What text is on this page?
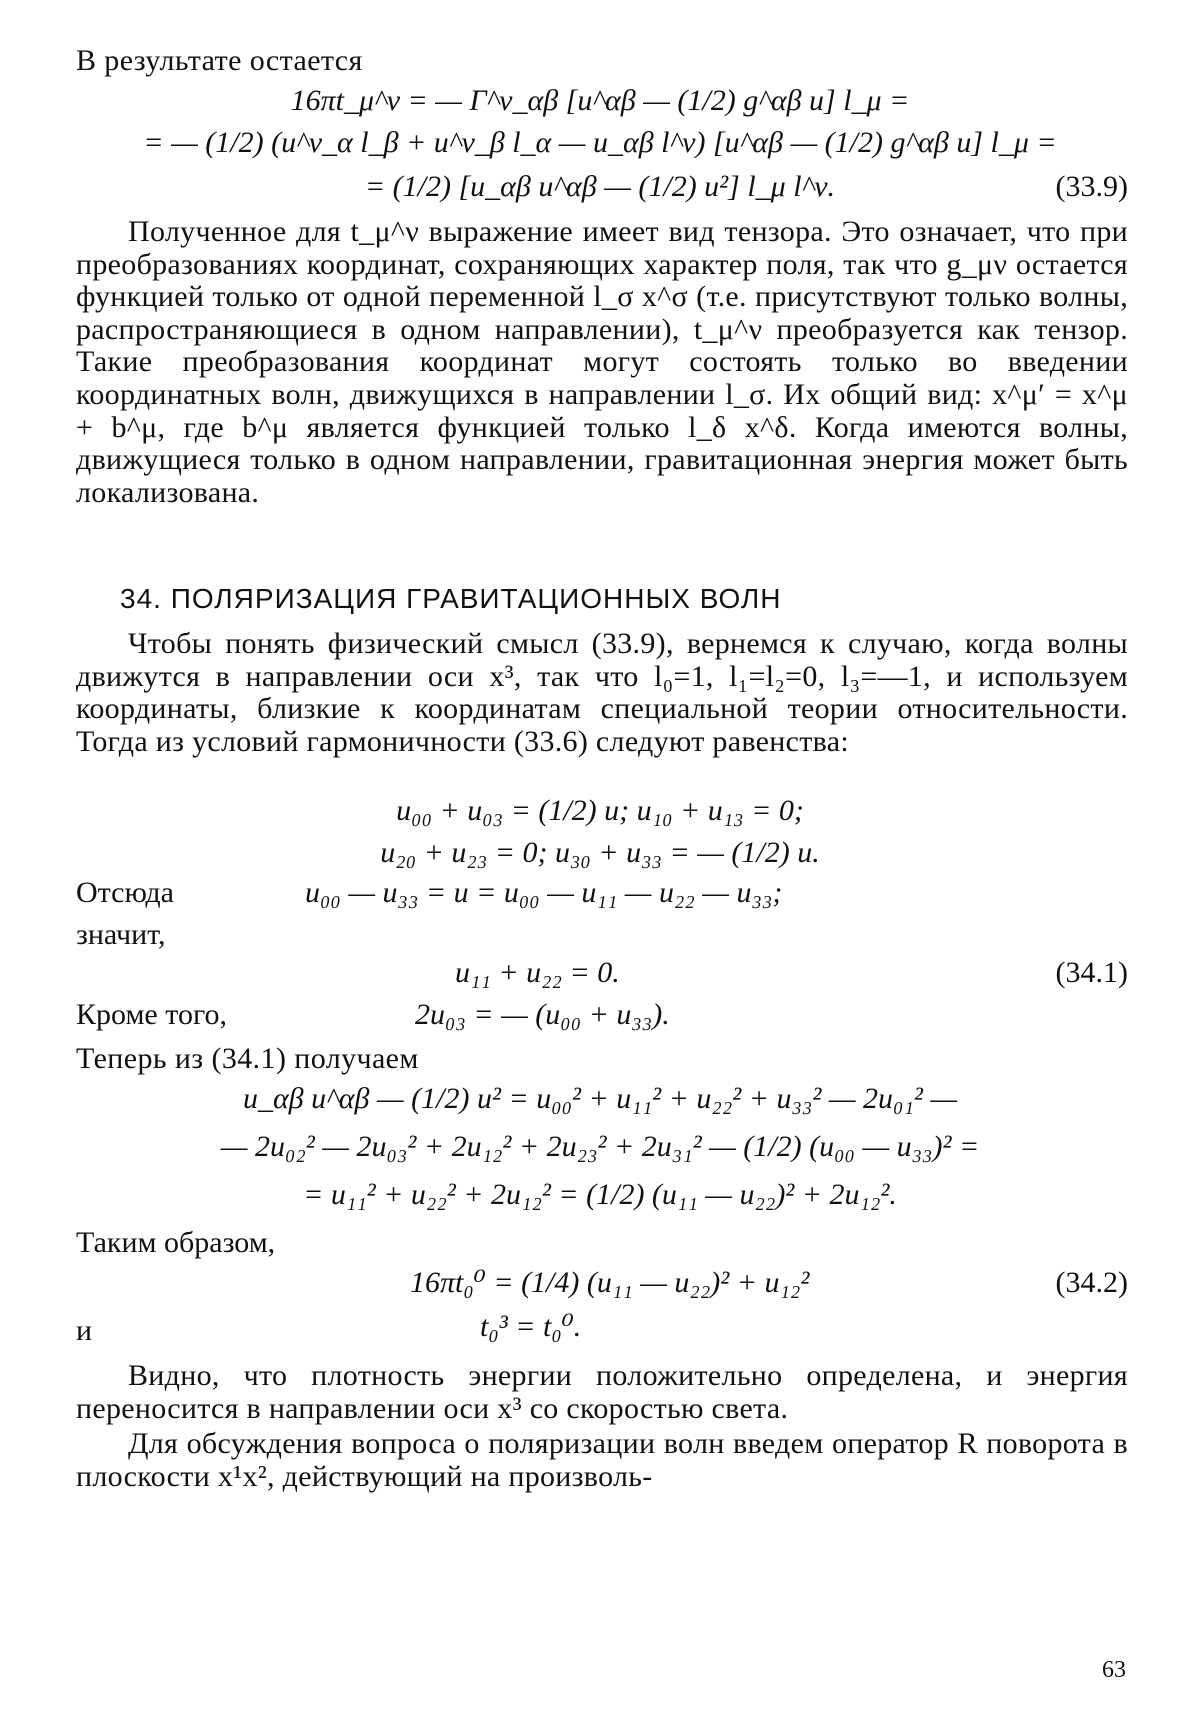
В результате остается
16πt_μ^ν = — Γ^ν_αβ [u^αβ — (1/2) g^αβ u] l_μ =
= — (1/2) (u^ν_α l_β + u^ν_β l_α — u_αβ l^ν) [u^αβ — (1/2) g^αβ u] l_μ =
= (1/2) [u_αβ u^αβ — (1/2) u²] l_μ l^ν.	(33.9)
Полученное для t_μ^ν выражение имеет вид тензора. Это означает, что при преобразованиях координат, сохраняющих характер поля, так что g_μν остается функцией только от одной переменной l_σ x^σ (т.е. присутствуют только волны, распространяющиеся в одном направлении), t_μ^ν преобразуется как тензор. Такие преобразования координат могут состоять только во введении координатных волн, движущихся в направлении l_σ. Их общий вид: x^μ′ = x^μ + b^μ, где b^μ является функцией только l_δ x^δ. Когда имеются волны, движущиеся только в одном направлении, гравитационная энергия может быть локализована.
34. ПОЛЯРИЗАЦИЯ ГРАВИТАЦИОННЫХ ВОЛН
Чтобы понять физический смысл (33.9), вернемся к случаю, когда волны движутся в направлении оси x³, так что l₀=1, l₁=l₂=0, l₃=—1, и используем координаты, близкие к координатам специальной теории относительности. Тогда из условий гармоничности (33.6) следуют равенства:
u₀₀ + u₀₃ = (1/2) u; u₁₀ + u₁₃ = 0;
u₂₀ + u₂₃ = 0; u₃₀ + u₃₃ = — (1/2) u.
Отсюда	u₀₀ — u₃₃ = u = u₀₀ — u₁₁ — u₂₂ — u₃₃;
значит,
u₁₁ + u₂₂ = 0.	(34.1)
Кроме того,	2u₀₃ = — (u₀₀ + u₃₃).
Теперь из (34.1) получаем
u_αβ u^αβ — (1/2) u² = u₀₀² + u₁₁² + u₂₂² + u₃₃² — 2u₀₁² —
— 2u₀₂² — 2u₀₃² + 2u₁₂² + 2u₂₃² + 2u₃₁² — (1/2) (u₀₀ — u₃₃)² =
= u₁₁² + u₂₂² + 2u₁₂² = (1/2) (u₁₁ — u₂₂)² + 2u₁₂².
Таким образом,
16πt₀⁰ = (1/4) (u₁₁ — u₂₂)² + u₁₂²	(34.2)
и	t₀³ = t₀⁰.
Видно, что плотность энергии положительно определена, и энергия переносится в направлении оси x³ со скоростью света.
Для обсуждения вопроса о поляризации волн введем оператор R поворота в плоскости x¹x², действующий на произволь-
63
